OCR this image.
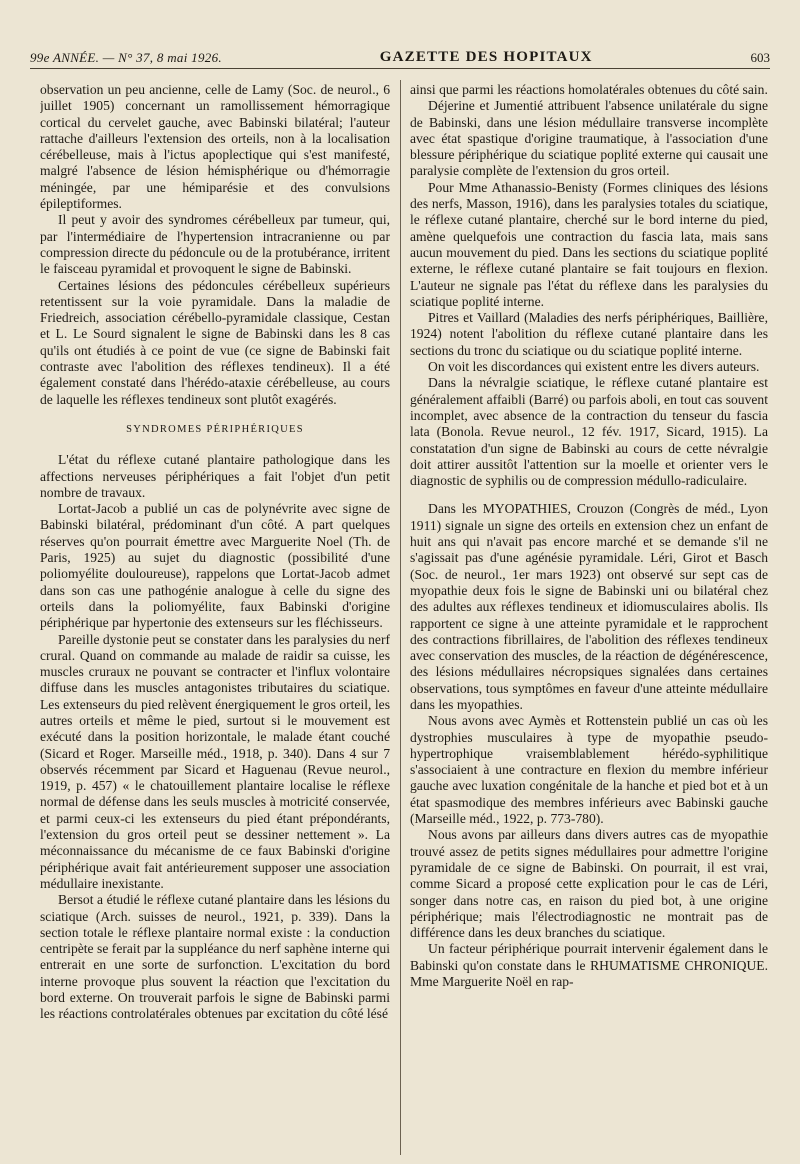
99e ANNÉE. — N° 37, 8 mai 1926.	GAZETTE DES HOPITAUX	603

observation un peu ancienne, celle de Lamy (Soc. de neurol., 6 juillet 1905) concernant un ramollissement hémorragique cortical du cervelet gauche, avec Babinski bilatéral; l'auteur rattache d'ailleurs l'extension des orteils, non à la localisation cérébelleuse, mais à l'ictus apoplectique qui s'est manifesté, malgré l'absence de lésion hémisphérique ou d'hémorragie méningée, par une hémiparésie et des convulsions épileptiformes.

Il peut y avoir des syndromes cérébelleux par tumeur, qui, par l'intermédiaire de l'hypertension intracranienne ou par compression directe du pédoncule ou de la protubérance, irritent le faisceau pyramidal et provoquent le signe de Babinski.

Certaines lésions des pédoncules cérébelleux supérieurs retentissent sur la voie pyramidale. Dans la maladie de Friedreich, association cérébello-pyramidale classique, Cestan et L. Le Sourd signalent le signe de Babinski dans les 8 cas qu'ils ont étudiés à ce point de vue (ce signe de Babinski fait contraste avec l'abolition des réflexes tendineux). Il a été également constaté dans l'hérédo-ataxie cérébelleuse, au cours de laquelle les réflexes tendineux sont plutôt exagérés.

SYNDROMES PÉRIPHÉRIQUES

L'état du réflexe cutané plantaire pathologique dans les affections nerveuses périphériques a fait l'objet d'un petit nombre de travaux.

Lortat-Jacob a publié un cas de polynévrite avec signe de Babinski bilatéral, prédominant d'un côté. A part quelques réserves qu'on pourrait émettre avec Marguerite Noel (Th. de Paris, 1925) au sujet du diagnostic (possibilité d'une poliomyélite douloureuse), rappelons que Lortat-Jacob admet dans son cas une pathogénie analogue à celle du signe des orteils dans la poliomyélite, faux Babinski d'origine périphérique par hypertonie des extenseurs sur les fléchisseurs.

Pareille dystonie peut se constater dans les paralysies du nerf crural. Quand on commande au malade de raidir sa cuisse, les muscles cruraux ne pouvant se contracter et l'influx volontaire diffuse dans les muscles antagonistes tributaires du sciatique. Les extenseurs du pied relèvent énergiquement le gros orteil, les autres orteils et même le pied, surtout si le mouvement est exécuté dans la position horizontale, le malade étant couché (Sicard et Roger. Marseille méd., 1918, p. 340). Dans 4 sur 7 observés récemment par Sicard et Haguenau (Revue neurol., 1919, p. 457) « le chatouillement plantaire localise le réflexe normal de défense dans les seuls muscles à motricité conservée, et parmi ceux-ci les extenseurs du pied étant prépondérants, l'extension du gros orteil peut se dessiner nettement ». La méconnaissance du mécanisme de ce faux Babinski d'origine périphérique avait fait antérieurement supposer une association médullaire inexistante.

Bersot a étudié le réflexe cutané plantaire dans les lésions du sciatique (Arch. suisses de neurol., 1921, p. 339). Dans la section totale le réflexe plantaire normal existe : la conduction centripète se ferait par la suppléance du nerf saphène interne qui entrerait en une sorte de surfonction. L'excitation du bord interne provoque plus souvent la réaction que l'excitation du bord externe. On trouverait parfois le signe de Babinski parmi les réactions controlatérales obtenues par excitation du côté lésé

ainsi que parmi les réactions homolatérales obtenues du côté sain.

Déjerine et Jumentié attribuent l'absence unilatérale du signe de Babinski, dans une lésion médullaire transverse incomplète avec état spastique d'origine traumatique, à l'association d'une blessure périphérique du sciatique poplité externe qui causait une paralysie complète de l'extension du gros orteil.

Pour Mme Athanassio-Benisty (Formes cliniques des lésions des nerfs, Masson, 1916), dans les paralysies totales du sciatique, le réflexe cutané plantaire, cherché sur le bord interne du pied, amène quelquefois une contraction du fascia lata, mais sans aucun mouvement du pied. Dans les sections du sciatique poplité externe, le réflexe cutané plantaire se fait toujours en flexion. L'auteur ne signale pas l'état du réflexe dans les paralysies du sciatique poplité interne.

Pitres et Vaillard (Maladies des nerfs périphériques, Baillière, 1924) notent l'abolition du réflexe cutané plantaire dans les sections du tronc du sciatique ou du sciatique poplité interne.

On voit les discordances qui existent entre les divers auteurs.

Dans la névralgie sciatique, le réflexe cutané plantaire est généralement affaibli (Barré) ou parfois aboli, en tout cas souvent incomplet, avec absence de la contraction du tenseur du fascia lata (Bonola. Revue neurol., 12 fév. 1917, Sicard, 1915). La constatation d'un signe de Babinski au cours de cette névralgie doit attirer aussitôt l'attention sur la moelle et orienter vers le diagnostic de syphilis ou de compression médullo-radiculaire.

Dans les MYOPATHIES, Crouzon (Congrès de méd., Lyon 1911) signale un signe des orteils en extension chez un enfant de huit ans qui n'avait pas encore marché et se demande s'il ne s'agissait pas d'une agénésie pyramidale. Léri, Girot et Basch (Soc. de neurol., 1er mars 1923) ont observé sur sept cas de myopathie deux fois le signe de Babinski uni ou bilatéral chez des adultes aux réflexes tendineux et idiomusculaires abolis. Ils rapportent ce signe à une atteinte pyramidale et le rapprochent des contractions fibrillaires, de l'abolition des réflexes tendineux avec conservation des muscles, de la réaction de dégénérescence, des lésions médullaires nécropsiques signalées dans certaines observations, tous symptômes en faveur d'une atteinte médullaire dans les myopathies.

Nous avons avec Aymès et Rottenstein publié un cas où les dystrophies musculaires à type de myopathie pseudo-hypertrophique vraisemblablement hérédo-syphilitique s'associaient à une contracture en flexion du membre inférieur gauche avec luxation congénitale de la hanche et pied bot et à un état spasmodique des membres inférieurs avec Babinski gauche (Marseille méd., 1922, p. 773-780).

Nous avons par ailleurs dans divers autres cas de myopathie trouvé assez de petits signes médullaires pour admettre l'origine pyramidale de ce signe de Babinski. On pourrait, il est vrai, comme Sicard a proposé cette explication pour le cas de Léri, songer dans notre cas, en raison du pied bot, à une origine périphérique; mais l'électrodiagnostic ne montrait pas de différence dans les deux branches du sciatique.

Un facteur périphérique pourrait intervenir également dans le Babinski qu'on constate dans le RHUMATISME CHRONIQUE. Mme Marguerite Noël en rap-
